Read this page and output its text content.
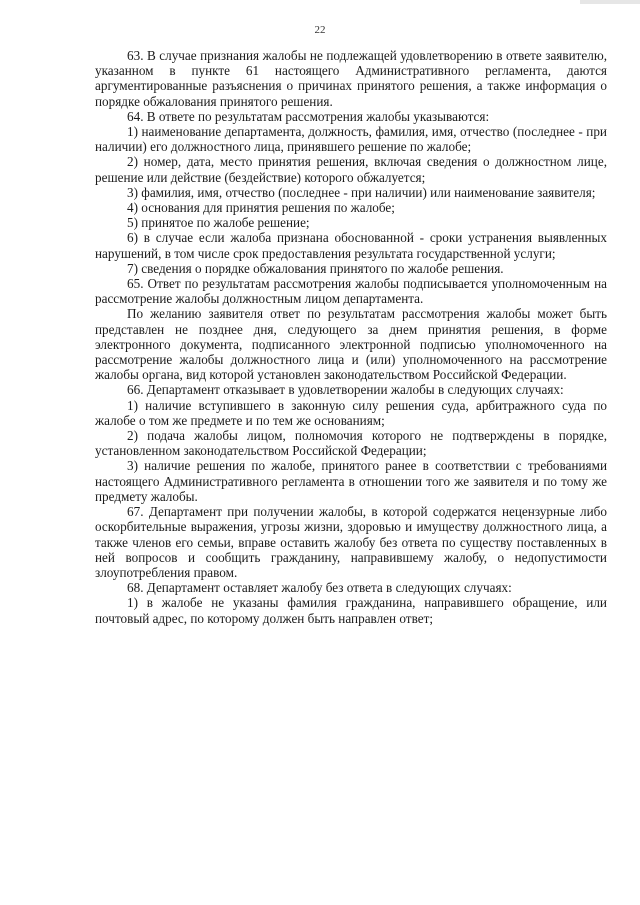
22

63. В случае признания жалобы не подлежащей удовлетворению в ответе заявителю, указанном в пункте 61 настоящего Административного регламента, даются аргументированные разъяснения о причинах принятого решения, а также информация о порядке обжалования принятого решения.

64. В ответе по результатам рассмотрения жалобы указываются:

1) наименование департамента, должность, фамилия, имя, отчество (последнее - при наличии) его должностного лица, принявшего решение по жалобе;

2) номер, дата, место принятия решения, включая сведения о должностном лице, решение или действие (бездействие) которого обжалуется;

3) фамилия, имя, отчество (последнее - при наличии) или наименование заявителя;

4) основания для принятия решения по жалобе;

5) принятое по жалобе решение;

6) в случае если жалоба признана обоснованной - сроки устранения выявленных нарушений, в том числе срок предоставления результата государственной услуги;

7) сведения о порядке обжалования принятого по жалобе решения.

65. Ответ по результатам рассмотрения жалобы подписывается уполномоченным на рассмотрение жалобы должностным лицом департамента.

По желанию заявителя ответ по результатам рассмотрения жалобы может быть представлен не позднее дня, следующего за днем принятия решения, в форме электронного документа, подписанного электронной подписью уполномоченного на рассмотрение жалобы должностного лица и (или) уполномоченного на рассмотрение жалобы органа, вид которой установлен законодательством Российской Федерации.

66. Департамент отказывает в удовлетворении жалобы в следующих случаях:

1) наличие вступившего в законную силу решения суда, арбитражного суда по жалобе о том же предмете и по тем же основаниям;

2) подача жалобы лицом, полномочия которого не подтверждены в порядке, установленном законодательством Российской Федерации;

3) наличие решения по жалобе, принятого ранее в соответствии с требованиями настоящего Административного регламента в отношении того же заявителя и по тому же предмету жалобы.

67. Департамент при получении жалобы, в которой содержатся нецензурные либо оскорбительные выражения, угрозы жизни, здоровью и имуществу должностного лица, а также членов его семьи, вправе оставить жалобу без ответа по существу поставленных в ней вопросов и сообщить гражданину, направившему жалобу, о недопустимости злоупотребления правом.

68. Департамент оставляет жалобу без ответа в следующих случаях:

1) в жалобе не указаны фамилия гражданина, направившего обращение, или почтовый адрес, по которому должен быть направлен ответ;
